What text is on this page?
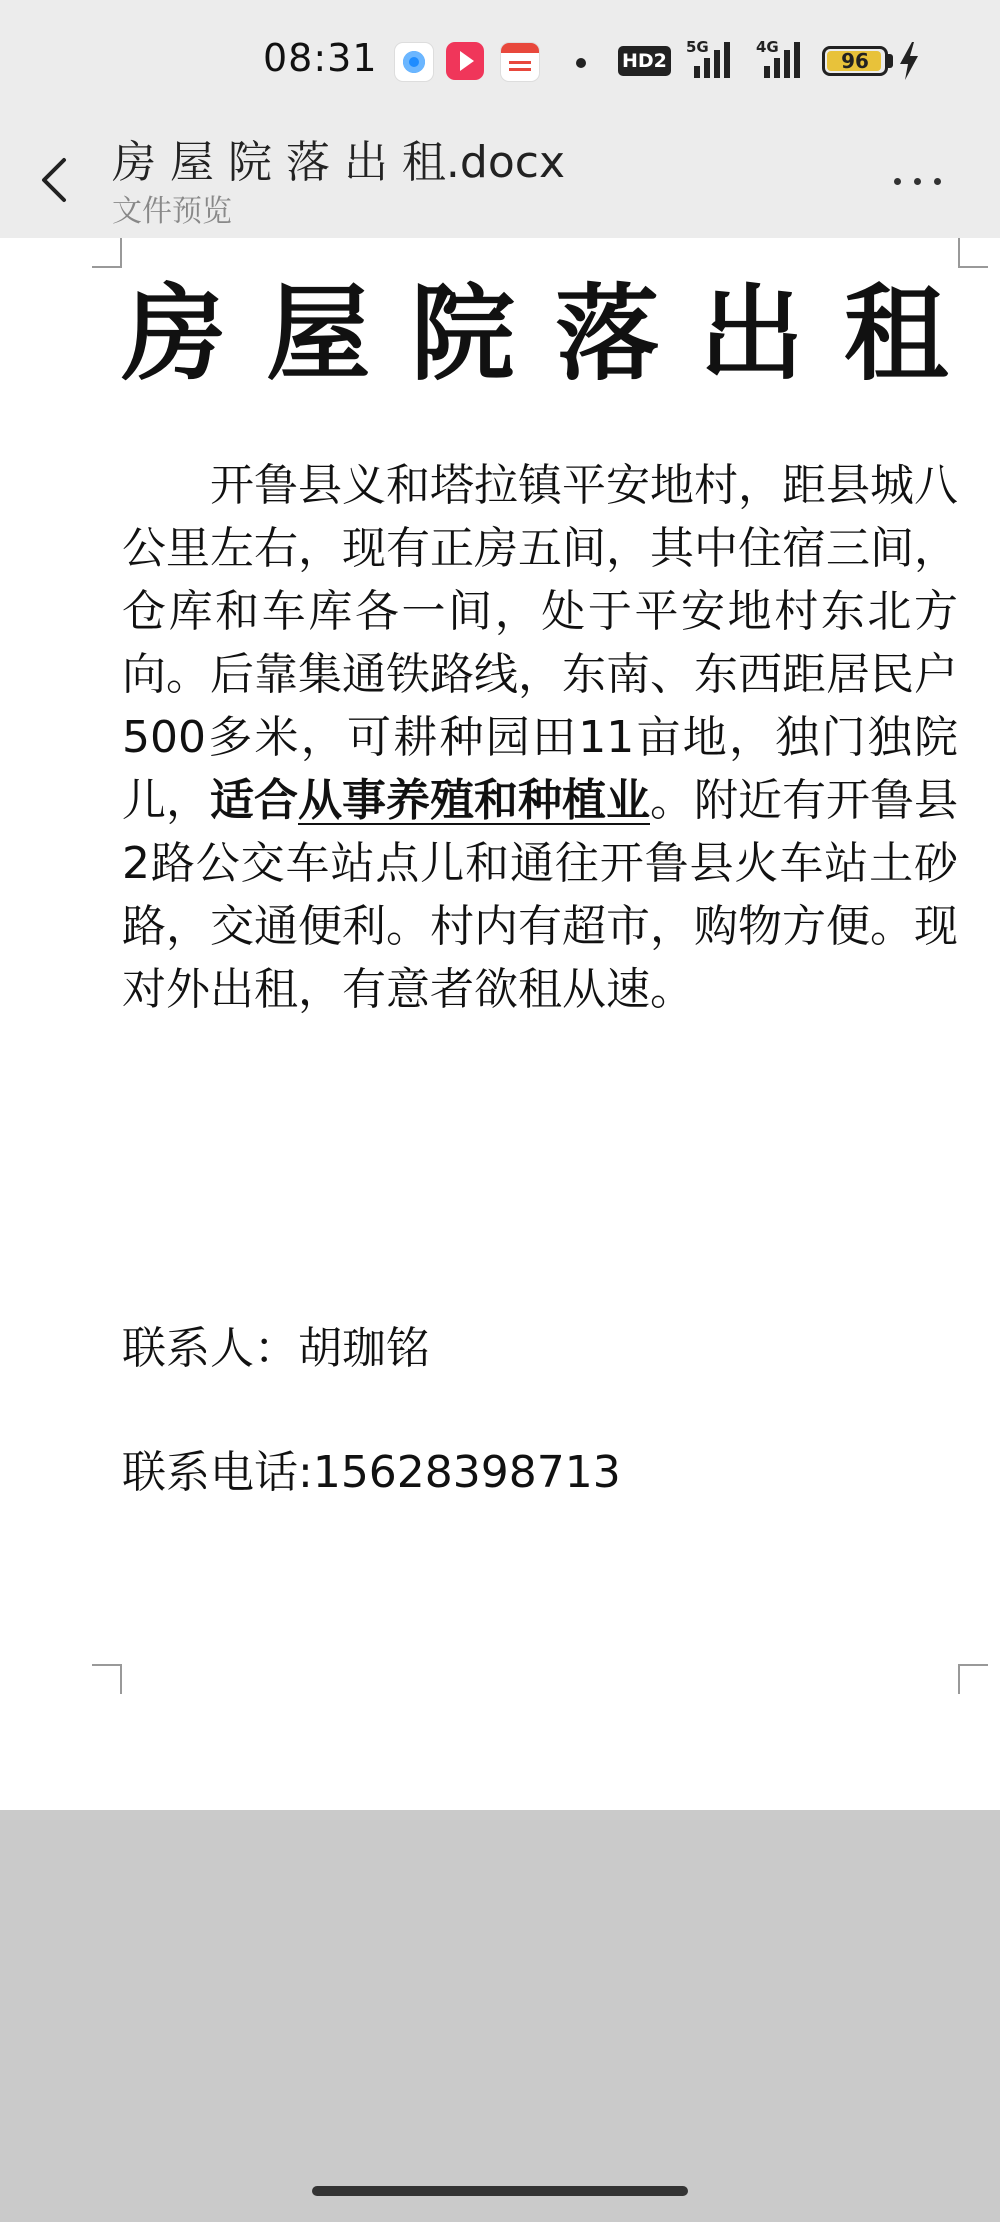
08:31	HD2
5G	4G
96
房 屋 院 落 出 租.docx
文件预览
房屋院落出租
开鲁县义和塔拉镇平安地村，距县城八公里左右，现有正房五间，其中住宿三间，仓库和车库各一间，处于平安地村东北方向。后靠集通铁路线，东南、东西距居民户500多米，可耕种园田11亩地，独门独院儿，适合从事养殖和种植业。附近有开鲁县2路公交车站点儿和通往开鲁县火车站土砂路，交通便利。村内有超市，购物方便。现对外出租，有意者欲租从速。
联系人：胡珈铭
联系电话:15628398713
